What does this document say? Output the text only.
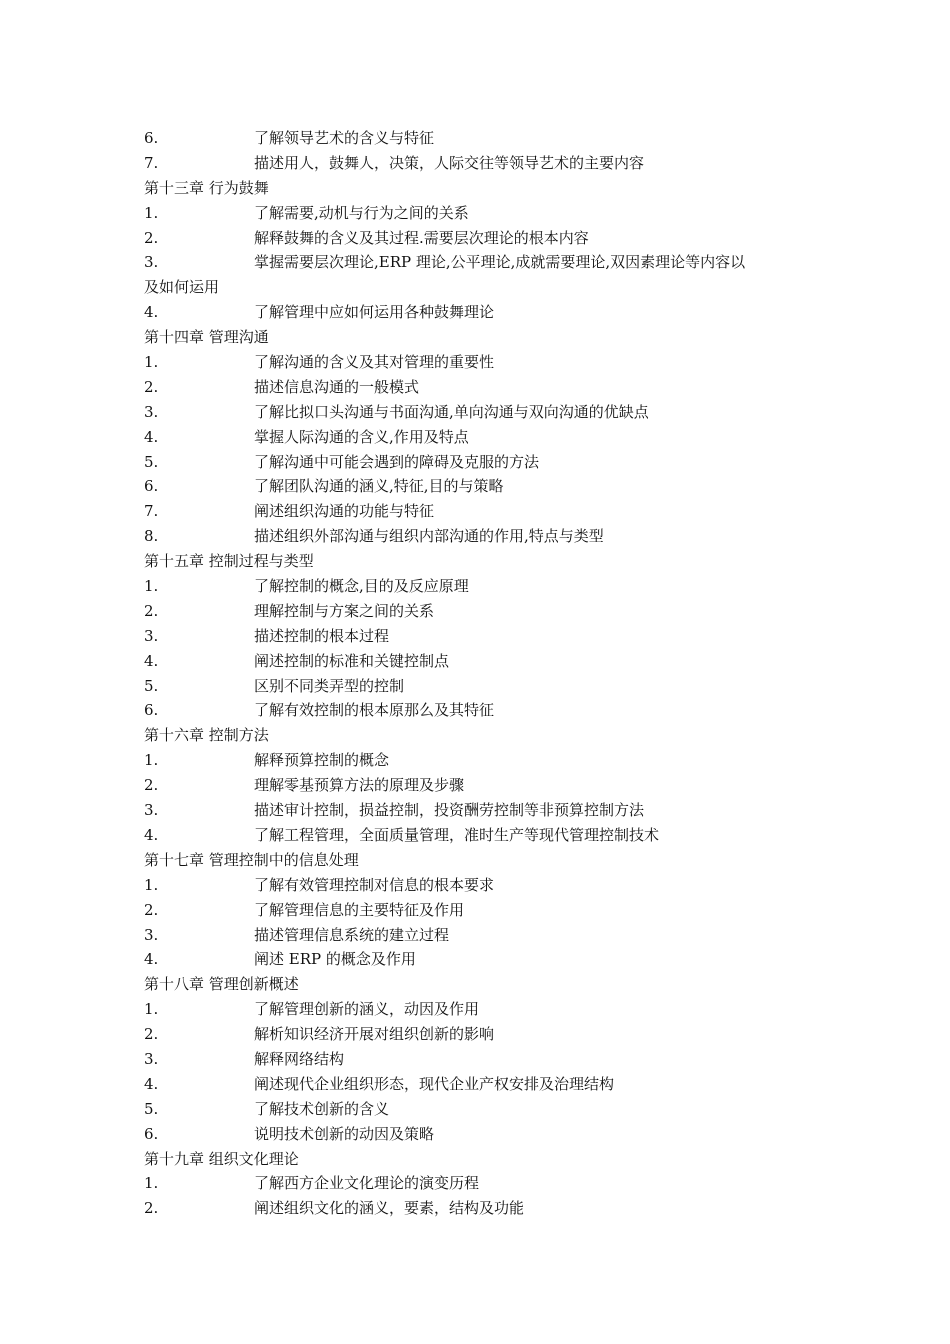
6.	了解领导艺术的含义与特征
7.	描述用人，鼓舞人，决策，人际交往等领导艺术的主要内容
第十三章 行为鼓舞
1.	了解需要,动机与行为之间的关系
2.	解释鼓舞的含义及其过程.需要层次理论的根本内容
3.	掌握需要层次理论,ERP 理论,公平理论,成就需要理论,双因素理论等内容以
及如何运用
4.	了解管理中应如何运用各种鼓舞理论
第十四章 管理沟通
1.	了解沟通的含义及其对管理的重要性
2.	描述信息沟通的一般模式
3.	了解比拟口头沟通与书面沟通,单向沟通与双向沟通的优缺点
4.	掌握人际沟通的含义,作用及特点
5.	了解沟通中可能会遇到的障碍及克服的方法
6.	了解团队沟通的涵义,特征,目的与策略
7.	阐述组织沟通的功能与特征
8.	描述组织外部沟通与组织内部沟通的作用,特点与类型
第十五章 控制过程与类型
1.	了解控制的概念,目的及反应原理
2.	理解控制与方案之间的关系
3.	描述控制的根本过程
4.	阐述控制的标准和关键控制点
5.	区别不同类弄型的控制
6.	了解有效控制的根本原那么及其特征
第十六章 控制方法
1.	解释预算控制的概念
2.	理解零基预算方法的原理及步骤
3.	描述审计控制，损益控制，投资酬劳控制等非预算控制方法
4.	了解工程管理，全面质量管理，准时生产等现代管理控制技术
第十七章 管理控制中的信息处理
1.	了解有效管理控制对信息的根本要求
2.	了解管理信息的主要特征及作用
3.	描述管理信息系统的建立过程
4.	阐述 ERP 的概念及作用
第十八章 管理创新概述
1.	了解管理创新的涵义，动因及作用
2.	解析知识经济开展对组织创新的影响
3.	解释网络结构
4.	阐述现代企业组织形态，现代企业产权安排及治理结构
5.	了解技术创新的含义
6.	说明技术创新的动因及策略
第十九章 组织文化理论
1.	了解西方企业文化理论的演变历程
2.	阐述组织文化的涵义，要素，结构及功能
